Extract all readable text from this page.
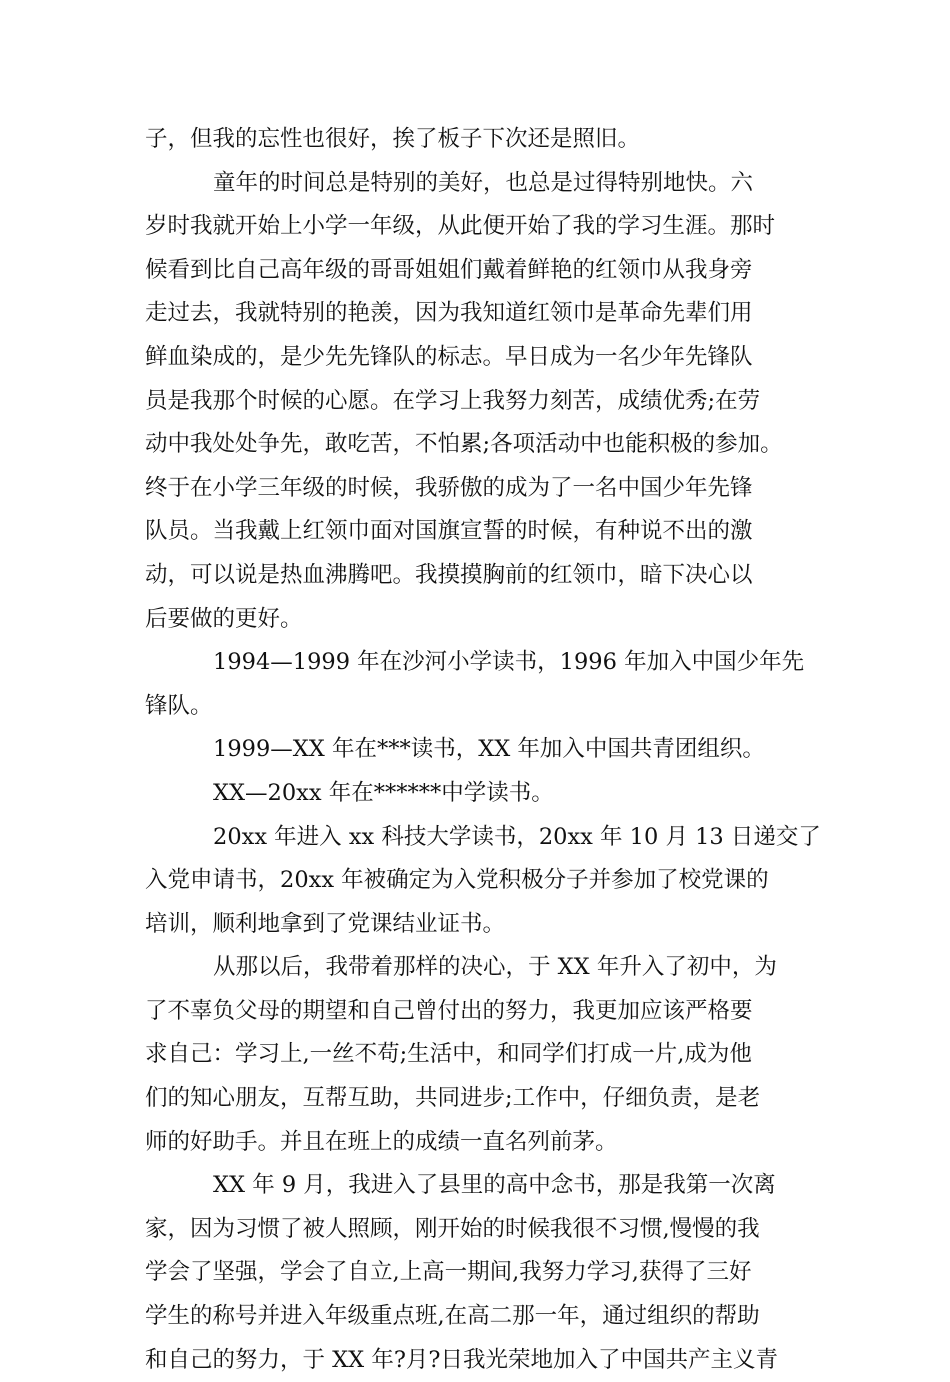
子，但我的忘性也很好，挨了板子下次还是照旧。
童年的时间总是特别的美好，也总是过得特别地快。六
岁时我就开始上小学一年级，从此便开始了我的学习生涯。那时
候看到比自己高年级的哥哥姐姐们戴着鲜艳的红领巾从我身旁
走过去，我就特别的艳羡，因为我知道红领巾是革命先辈们用
鲜血染成的，是少先先锋队的标志。早日成为一名少年先锋队
员是我那个时候的心愿。在学习上我努力刻苦，成绩优秀;在劳
动中我处处争先，敢吃苦，不怕累;各项活动中也能积极的参加。
终于在小学三年级的时候，我骄傲的成为了一名中国少年先锋
队员。当我戴上红领巾面对国旗宣誓的时候，有种说不出的激
动，可以说是热血沸腾吧。我摸摸胸前的红领巾，暗下决心以
后要做的更好。
1994—1999 年在沙河小学读书，1996 年加入中国少年先
锋队。
1999—XX 年在***读书，XX 年加入中国共青团组织。
XX—20xx 年在******中学读书。
20xx 年进入 xx 科技大学读书，20xx 年 10 月 13 日递交了
入党申请书，20xx 年被确定为入党积极分子并参加了校党课的
培训，顺利地拿到了党课结业证书。
从那以后，我带着那样的决心，于 XX 年升入了初中，为
了不辜负父母的期望和自己曾付出的努力，我更加应该严格要
求自己：学习上,一丝不苟;生活中，和同学们打成一片,成为他
们的知心朋友，互帮互助，共同进步;工作中，仔细负责，是老
师的好助手。并且在班上的成绩一直名列前茅。
XX 年 9 月，我进入了县里的高中念书，那是我第一次离
家，因为习惯了被人照顾，刚开始的时候我很不习惯,慢慢的我
学会了坚强，学会了自立,上高一期间,我努力学习,获得了三好
学生的称号并进入年级重点班,在高二那一年，通过组织的帮助
和自己的努力，于 XX 年?月?日我光荣地加入了中国共产主义青
